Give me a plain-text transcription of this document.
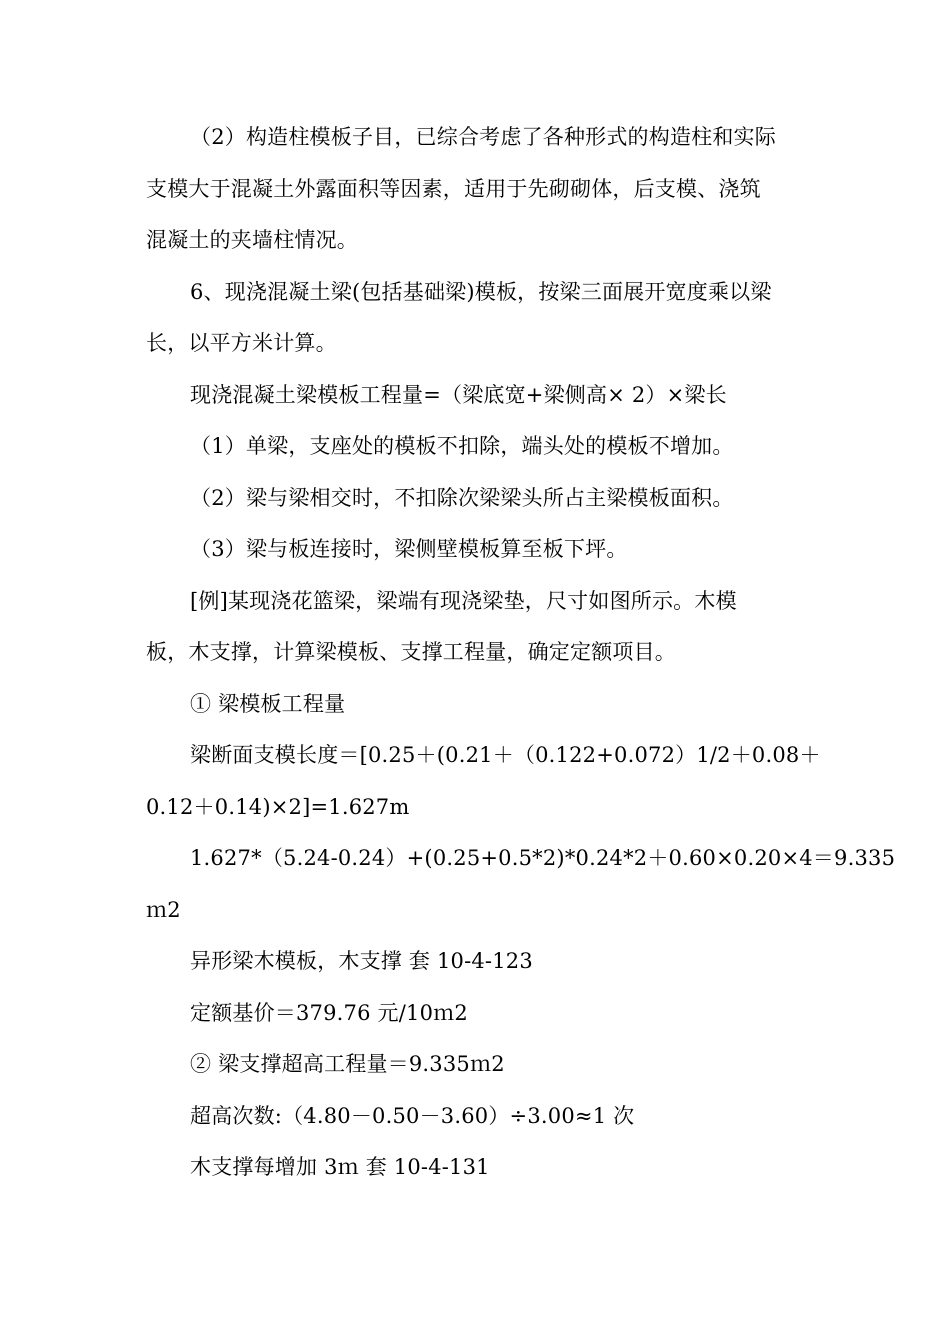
（2）构造柱模板子目，已综合考虑了各种形式的构造柱和实际
支模大于混凝土外露面积等因素，适用于先砌砌体，后支模、浇筑
混凝土的夹墙柱情况。
6、现浇混凝土梁(包括基础梁)模板，按梁三面展开宽度乘以梁
长，以平方米计算。
现浇混凝土梁模板工程量=（梁底宽+梁侧高× 2）×梁长
（1）单梁，支座处的模板不扣除，端头处的模板不增加。
（2）梁与梁相交时，不扣除次梁梁头所占主梁模板面积。
（3）梁与板连接时，梁侧壁模板算至板下坪。
[例]某现浇花篮梁，梁端有现浇梁垫，尺寸如图所示。木模
板，木支撑，计算梁模板、支撑工程量，确定定额项目。
① 梁模板工程量
梁断面支模长度＝[0.25＋(0.21＋（0.122+0.072）1/2＋0.08＋
0.12＋0.14)×2]=1.627m
1.627*（5.24-0.24）+(0.25+0.5*2)*0.24*2＋0.60×0.20×4＝9.335
ｍ2
异形梁木模板，木支撑 套 10-4-123
定额基价＝379.76 元/10ｍ2
② 梁支撑超高工程量＝9.335ｍ2
超高次数:（4.80－0.50－3.60）÷3.00≈1 次
木支撑每增加 3ｍ 套 10-4-131
